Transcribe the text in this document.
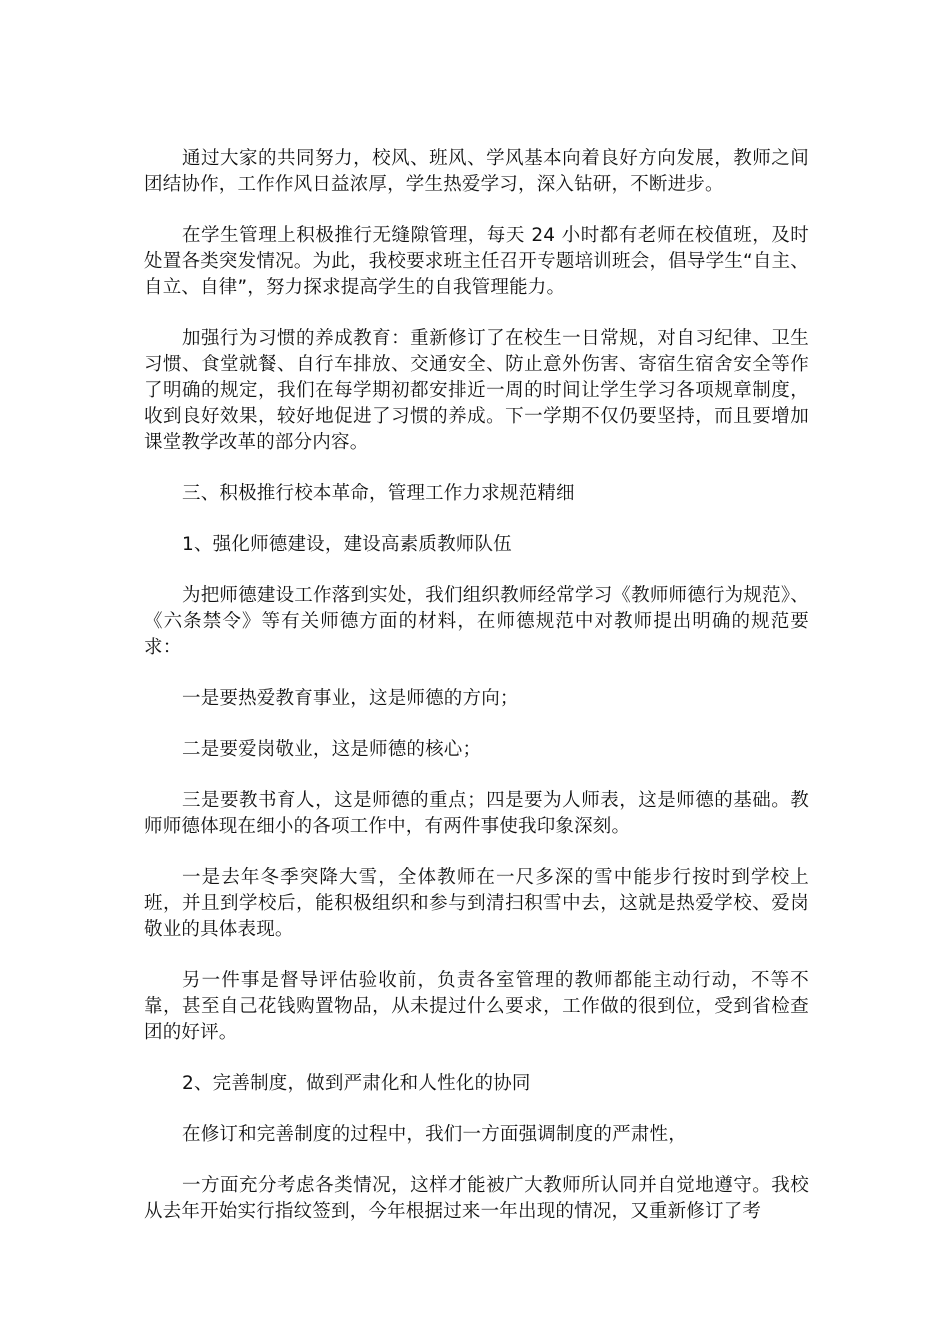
通过大家的共同努力，校风、班风、学风基本向着良好方向发展，教师之间团结协作，工作作风日益浓厚，学生热爱学习，深入钻研，不断进步。

在学生管理上积极推行无缝隙管理，每天 24 小时都有老师在校值班，及时处置各类突发情况。为此，我校要求班主任召开专题培训班会，倡导学生“自主、自立、自律”，努力探求提高学生的自我管理能力。

加强行为习惯的养成教育：重新修订了在校生一日常规，对自习纪律、卫生习惯、食堂就餐、自行车排放、交通安全、防止意外伤害、寄宿生宿舍安全等作了明确的规定，我们在每学期初都安排近一周的时间让学生学习各项规章制度，收到良好效果，较好地促进了习惯的养成。下一学期不仅仍要坚持，而且要增加课堂教学改革的部分内容。

三、积极推行校本革命，管理工作力求规范精细

1、强化师德建设，建设高素质教师队伍

为把师德建设工作落到实处，我们组织教师经常学习《教师师德行为规范》、《六条禁令》等有关师德方面的材料，在师德规范中对教师提出明确的规范要求：

一是要热爱教育事业，这是师德的方向；

二是要爱岗敬业，这是师德的核心；

三是要教书育人，这是师德的重点；四是要为人师表，这是师德的基础。教师师德体现在细小的各项工作中，有两件事使我印象深刻。

一是去年冬季突降大雪，全体教师在一尺多深的雪中能步行按时到学校上班，并且到学校后，能积极组织和参与到清扫积雪中去，这就是热爱学校、爱岗敬业的具体表现。

另一件事是督导评估验收前，负责各室管理的教师都能主动行动，不等不靠，甚至自己花钱购置物品，从未提过什么要求，工作做的很到位，受到省检查团的好评。

2、完善制度，做到严肃化和人性化的协同

在修订和完善制度的过程中，我们一方面强调制度的严肃性，

一方面充分考虑各类情况，这样才能被广大教师所认同并自觉地遵守。我校从去年开始实行指纹签到，今年根据过来一年出现的情况，又重新修订了考
